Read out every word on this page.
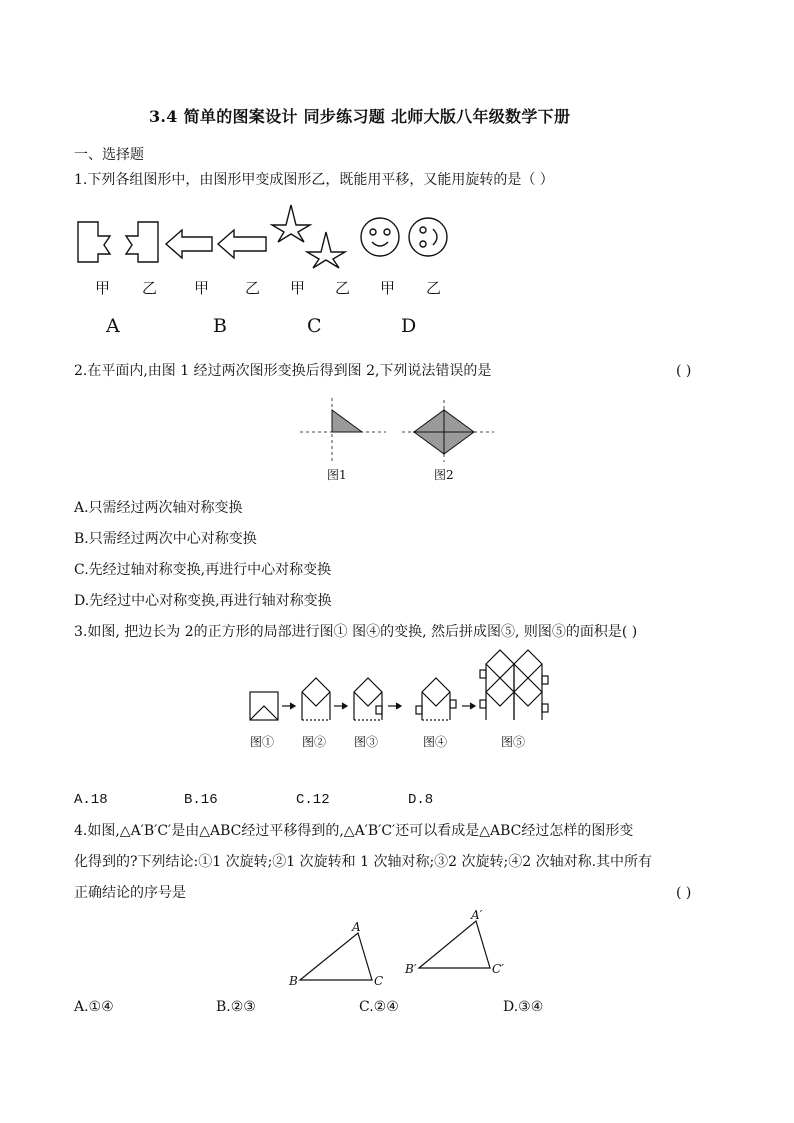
3.4 简单的图案设计 同步练习题 北师大版八年级数学下册
一、选择题
1.下列各组图形中，由图形甲变成图形乙，既能用平移，又能用旋转的是（ ）
甲 乙 甲 乙 甲 乙 甲 乙
A	B	C	D
2.在平面内,由图 1 经过两次图形变换后得到图 2,下列说法错误的是	( )
图1	图2
A.只需经过两次轴对称变换
B.只需经过两次中心对称变换
C.先经过轴对称变换,再进行中心对称变换
D.先经过中心对称变换,再进行轴对称变换
3.如图, 把边长为 2的正方形的局部进行图① 图④的变换, 然后拼成图⑤, 则图⑤的面积是( )
图① 图② 图③	图④	图⑤
A.18	B.16	C.12	D.8
4.如图,△A′B′C′是由△ABC经过平移得到的,△A′B′C′还可以看成是△ABC经过怎样的图形变
化得到的?下列结论:①1 次旋转;②1 次旋转和 1 次轴对称;③2 次旋转;④2 次轴对称.其中所有
正确结论的序号是	( )
A
B	C
A′
B′	C′
A.①④	B.②③	C.②④	D.③④
